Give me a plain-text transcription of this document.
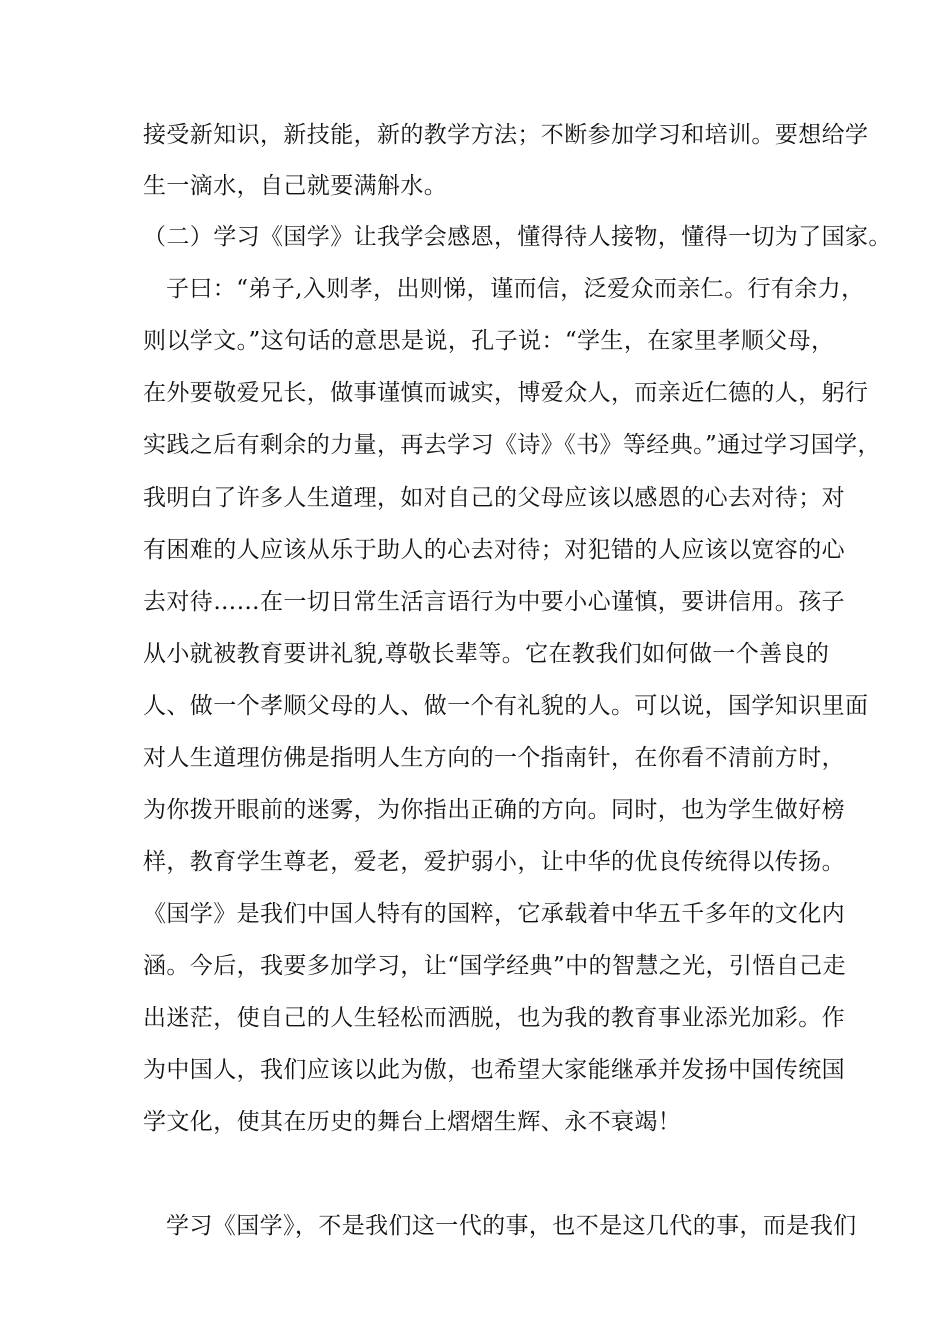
接受新知识，新技能，新的教学方法；不断参加学习和培训。要想给学
生一滴水，自己就要满斛水。
（二）学习《国学》让我学会感恩，懂得待人接物，懂得一切为了国家。
子曰：“弟子,入则孝，出则悌，谨而信，泛爱众而亲仁。行有余力，
则以学文。”这句话的意思是说，孔子说：“学生，在家里孝顺父母，
在外要敬爱兄长，做事谨慎而诚实，博爱众人，而亲近仁德的人，躬行
实践之后有剩余的力量，再去学习《诗》《书》等经典。”通过学习国学，
我明白了许多人生道理，如对自己的父母应该以感恩的心去对待；对
有困难的人应该从乐于助人的心去对待；对犯错的人应该以宽容的心
去对待……在一切日常生活言语行为中要小心谨慎，要讲信用。孩子
从小就被教育要讲礼貌,尊敬长辈等。它在教我们如何做一个善良的
人、做一个孝顺父母的人、做一个有礼貌的人。可以说，国学知识里面
对人生道理仿佛是指明人生方向的一个指南针，在你看不清前方时，
为你拨开眼前的迷雾，为你指出正确的方向。同时，也为学生做好榜
样，教育学生尊老，爱老，爱护弱小，让中华的优良传统得以传扬。
《国学》是我们中国人特有的国粹，它承载着中华五千多年的文化内
涵。今后，我要多加学习，让“国学经典”中的智慧之光，引悟自己走
出迷茫，使自己的人生轻松而洒脱，也为我的教育事业添光加彩。作
为中国人，我们应该以此为傲，也希望大家能继承并发扬中国传统国
学文化，使其在历史的舞台上熠熠生辉、永不衰竭！
学习《国学》，不是我们这一代的事，也不是这几代的事，而是我们
